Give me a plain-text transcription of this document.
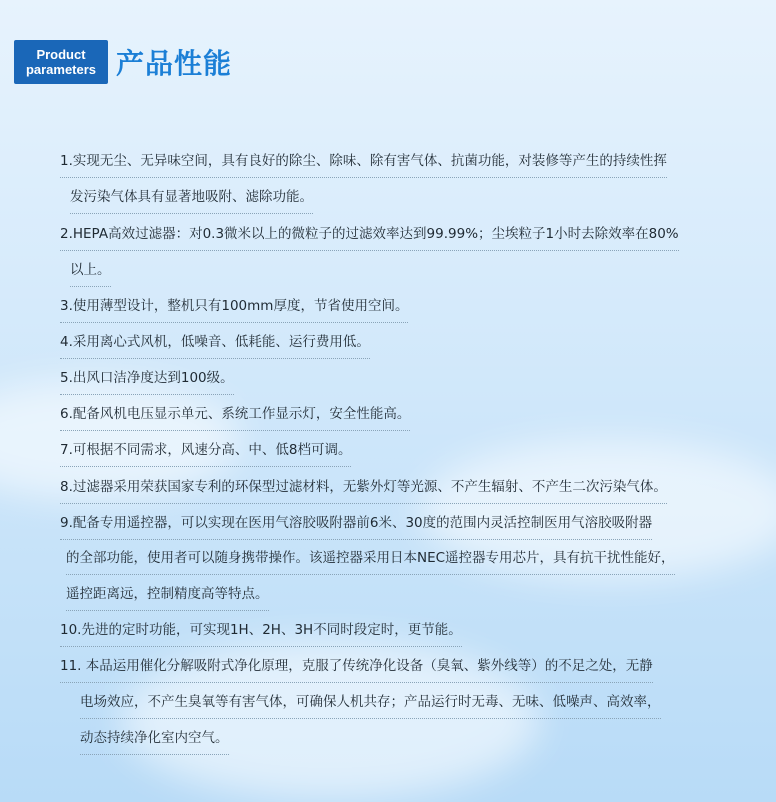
Product
parameters 产品性能
1.实现无尘、无异味空间，具有良好的除尘、除味、除有害气体、抗菌功能，对装修等产生的持续性挥
发污染气体具有显著地吸附、滤除功能。
2.HEPA高效过滤器：对0.3微米以上的微粒子的过滤效率达到99.99%；尘埃粒子1小时去除效率在80%
以上。
3.使用薄型设计，整机只有100mm厚度，节省使用空间。
4.采用离心式风机，低噪音、低耗能、运行费用低。
5.出风口洁净度达到100级。
6.配备风机电压显示单元、系统工作显示灯，安全性能高。
7.可根据不同需求，风速分高、中、低8档可调。
8.过滤器采用荣获国家专利的环保型过滤材料，无紫外灯等光源、不产生辐射、不产生二次污染气体。
9.配备专用遥控器，可以实现在医用气溶胶吸附器前6米、30度的范围内灵活控制医用气溶胶吸附器
的全部功能，使用者可以随身携带操作。该遥控器采用日本NEC遥控器专用芯片，具有抗干扰性能好，
遥控距离远，控制精度高等特点。
10.先进的定时功能，可实现1H、2H、3H不同时段定时，更节能。
11. 本品运用催化分解吸附式净化原理，克服了传统净化设备（臭氧、紫外线等）的不足之处，无静
电场效应，不产生臭氧等有害气体，可确保人机共存；产品运行时无毒、无味、低噪声、高效率，
动态持续净化室内空气。
